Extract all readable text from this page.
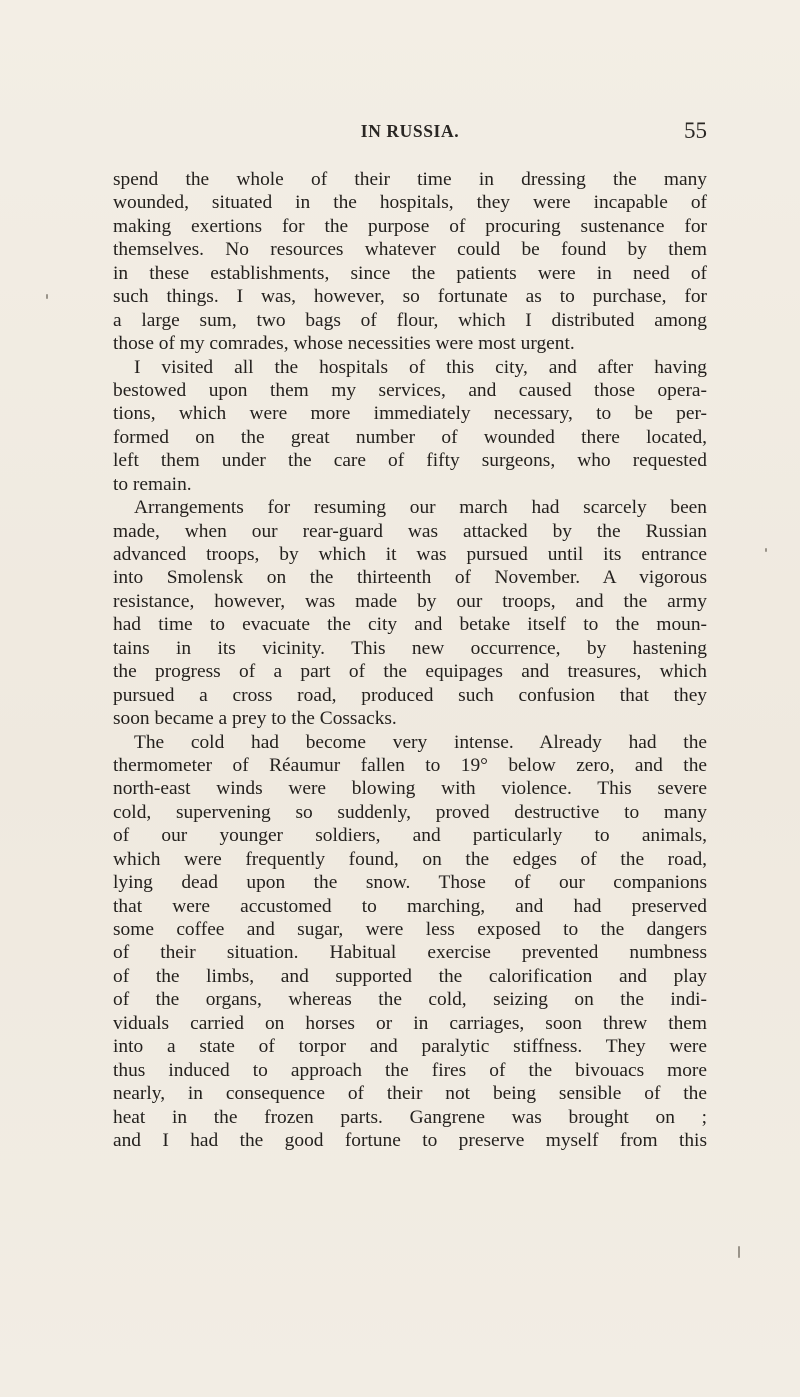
IN RUSSIA.	55
spend the whole of their time in dressing the many
wounded, situated in the hospitals, they were incapable of
making exertions for the purpose of procuring sustenance for
themselves. No resources whatever could be found by them
in these establishments, since the patients were in need of
such things. I was, however, so fortunate as to purchase, for
a large sum, two bags of flour, which I distributed among
those of my comrades, whose necessities were most urgent.
I visited all the hospitals of this city, and after having
bestowed upon them my services, and caused those opera-
tions, which were more immediately necessary, to be per-
formed on the great number of wounded there located,
left them under the care of fifty surgeons, who requested
to remain.
Arrangements for resuming our march had scarcely been
made, when our rear-guard was attacked by the Russian
advanced troops, by which it was pursued until its entrance
into Smolensk on the thirteenth of November. A vigorous
resistance, however, was made by our troops, and the army
had time to evacuate the city and betake itself to the moun-
tains in its vicinity. This new occurrence, by hastening
the progress of a part of the equipages and treasures, which
pursued a cross road, produced such confusion that they
soon became a prey to the Cossacks.
The cold had become very intense. Already had the
thermometer of Réaumur fallen to 19° below zero, and the
north-east winds were blowing with violence. This severe
cold, supervening so suddenly, proved destructive to many
of our younger soldiers, and particularly to animals,
which were frequently found, on the edges of the road,
lying dead upon the snow. Those of our companions
that were accustomed to marching, and had preserved
some coffee and sugar, were less exposed to the dangers
of their situation. Habitual exercise prevented numbness
of the limbs, and supported the calorification and play
of the organs, whereas the cold, seizing on the indi-
viduals carried on horses or in carriages, soon threw them
into a state of torpor and paralytic stiffness. They were
thus induced to approach the fires of the bivouacs more
nearly, in consequence of their not being sensible of the
heat in the frozen parts. Gangrene was brought on ;
and I had the good fortune to preserve myself from this
